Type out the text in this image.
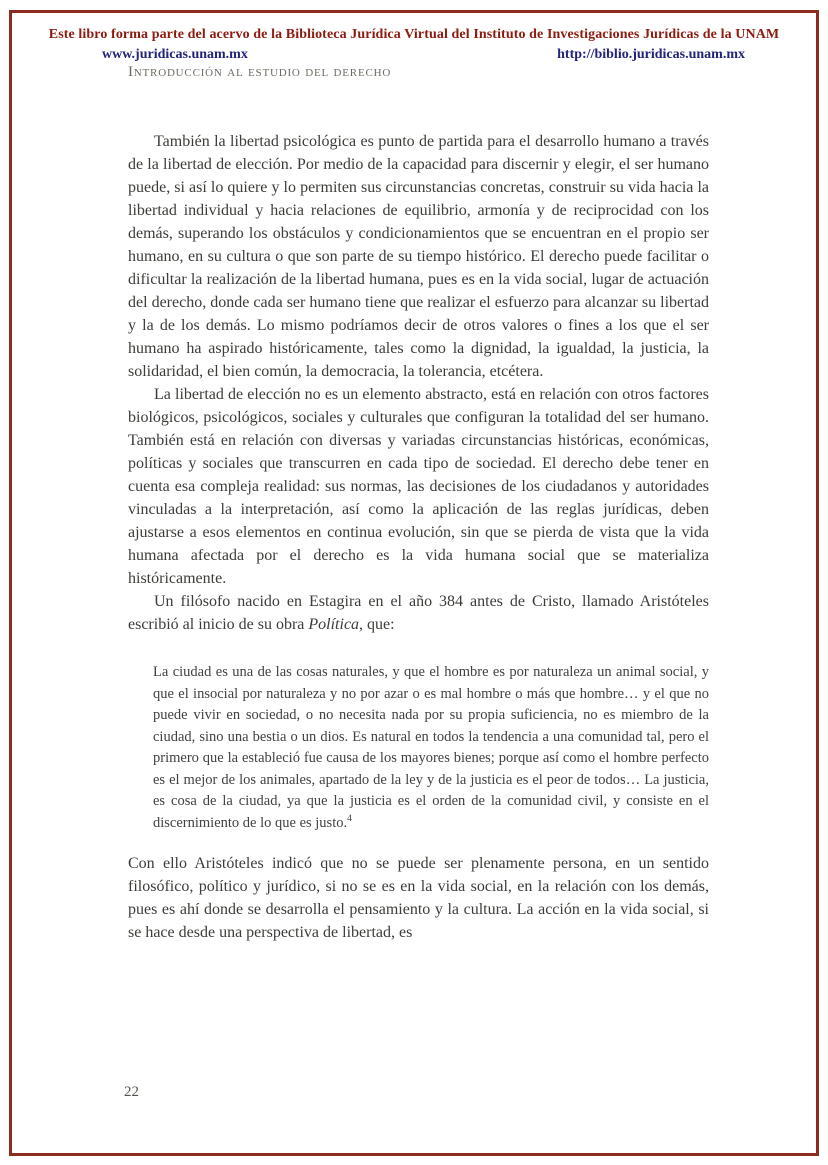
Este libro forma parte del acervo de la Biblioteca Jurídica Virtual del Instituto de Investigaciones Jurídicas de la UNAM
www.juridicas.unam.mx	http://biblio.juridicas.unam.mx
Introducción al estudio del derecho

También la libertad psicológica es punto de partida para el desarrollo humano a través de la libertad de elección. Por medio de la capacidad para discernir y elegir, el ser humano puede, si así lo quiere y lo permiten sus circunstancias concretas, construir su vida hacia la libertad individual y hacia relaciones de equilibrio, armonía y de reciprocidad con los demás, superando los obstáculos y condicionamientos que se encuentran en el propio ser humano, en su cultura o que son parte de su tiempo histórico. El derecho puede facilitar o dificultar la realización de la libertad humana, pues es en la vida social, lugar de actuación del derecho, donde cada ser humano tiene que realizar el esfuerzo para alcanzar su libertad y la de los demás. Lo mismo podríamos decir de otros valores o fines a los que el ser humano ha aspirado históricamente, tales como la dignidad, la igualdad, la justicia, la solidaridad, el bien común, la democracia, la tolerancia, etcétera.

La libertad de elección no es un elemento abstracto, está en relación con otros factores biológicos, psicológicos, sociales y culturales que configuran la totalidad del ser humano. También está en relación con diversas y variadas circunstancias históricas, económicas, políticas y sociales que transcurren en cada tipo de sociedad. El derecho debe tener en cuenta esa compleja realidad: sus normas, las decisiones de los ciudadanos y autoridades vinculadas a la interpretación, así como la aplicación de las reglas jurídicas, deben ajustarse a esos elementos en continua evolución, sin que se pierda de vista que la vida humana afectada por el derecho es la vida humana social que se materializa históricamente.

Un filósofo nacido en Estagira en el año 384 antes de Cristo, llamado Aristóteles escribió al inicio de su obra Política, que:

La ciudad es una de las cosas naturales, y que el hombre es por naturaleza un animal social, y que el insocial por naturaleza y no por azar o es mal hombre o más que hombre… y el que no puede vivir en sociedad, o no necesita nada por su propia suficiencia, no es miembro de la ciudad, sino una bestia o un dios. Es natural en todos la tendencia a una comunidad tal, pero el primero que la estableció fue causa de los mayores bienes; porque así como el hombre perfecto es el mejor de los animales, apartado de la ley y de la justicia es el peor de todos… La justicia, es cosa de la ciudad, ya que la justicia es el orden de la comunidad civil, y consiste en el discernimiento de lo que es justo.$^4$

Con ello Aristóteles indicó que no se puede ser plenamente persona, en un sentido filosófico, político y jurídico, si no se es en la vida social, en la relación con los demás, pues es ahí donde se desarrolla el pensamiento y la cultura. La acción en la vida social, si se hace desde una perspectiva de libertad, es

22
